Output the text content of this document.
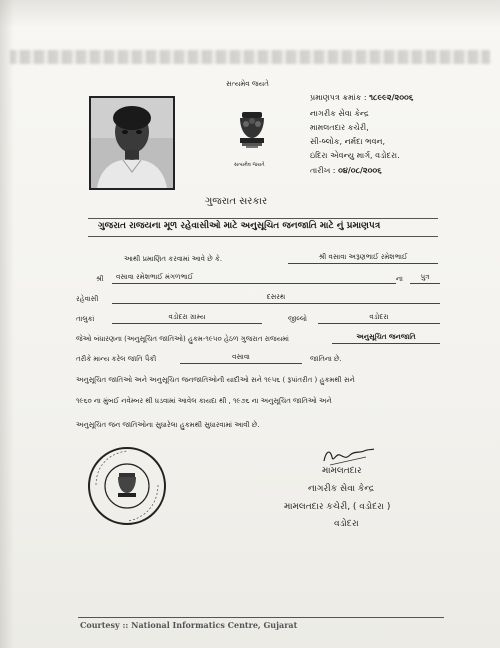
સત્યમેવ જયતે
સત્યમેવ જયતે
પ્રમાણપત્ર ક્રમાંક : ૧૮૯૯૨/૨૦૦૬
નાગરીક સેવા કેન્દ્ર
મામલતદાર કચેરી,
સી-બ્લોક, નર્મદા ભવન,
ઇંદિરા એવન્યુ માર્ગ, વડોદરા.
તારીખ : ૦૪/૦૮/૨૦૦૬
ગુજરાત સરકાર
ગુજરાત રાજયના મૂળ રહેવાસીઓ માટે અનુસૂચિત જનજાતિ માટે નું પ્રમાણપત્ર
આથી પ્રમાણિત કરવામાં આવે છે કે.	શ્રી વસાવા અરૂણભાઈ રમેશભાઈ
શ્રી	વસાવા રમેશભાઈ મંગળભાઈ	ના	પુત્ર
રહેવાસી	દસરથ
તાલુકાં	વડોદરા ગ્રામ્ય	જીલ્લો	વડોદરા
જેઓ બંધારણના (અનુસૂચિત જાતિઓ) હુકમ-૧૯૫૦ હેઠળ ગુજરાત રાજયમાં	અનુસૂચિત જનજાતિ
તરીકે માન્ય કરેલ જાતિ પૈકી	વસાવા	જાતિના છે.
અનુસૂચિત જાતિઓ અને અનુસૂચિત જનજાતિઓની યાદીઓ સને ૧૯૫૬ ( રૂપાંતરીત ) હુકમથી સને
૧૯૬૦ ના મુંબઈ નવેમ્બર થી ધડવામાં આવેલ કાયદા થી , ૧૯૭૬ ના અનુસૂચિત જાતિઓ અને
અનુસૂચિત જન જાતિઓના સુધારેલા હુકમથી સુધારવામાં આવી છે.
મામલતદાર
નાગરીક સેવા કેન્દ્ર
મામલતદાર કચેરી, ( વડોદરા )
વડોદરા
Courtesy :: National Informatics Centre, Gujarat
